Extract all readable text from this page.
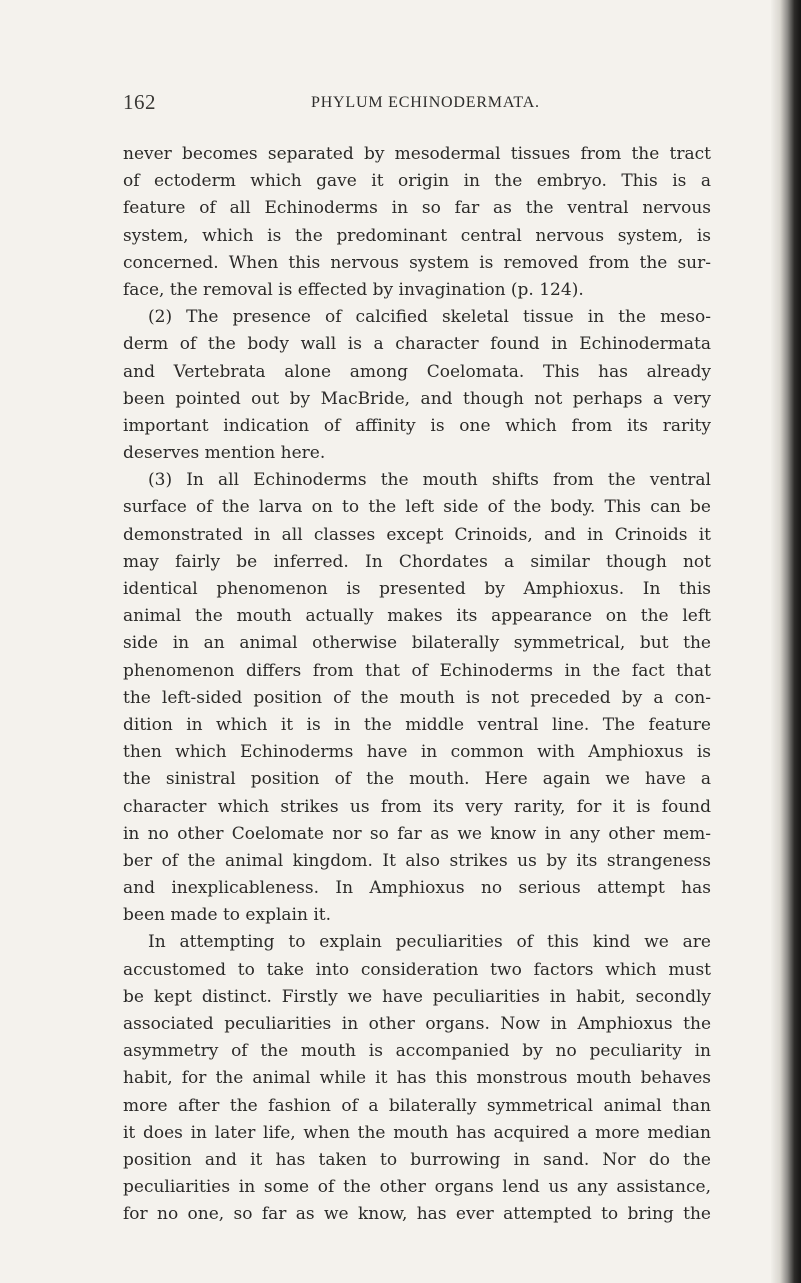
162	PHYLUM ECHINODERMATA.
never becomes separated by mesodermal tissues from the tract
of ectoderm which gave it origin in the embryo. This is a
feature of all Echinoderms in so far as the ventral nervous
system, which is the predominant central nervous system, is
concerned. When this nervous system is removed from the sur-
face, the removal is effected by invagination (p. 124).
(2) The presence of calcified skeletal tissue in the meso-
derm of the body wall is a character found in Echinodermata
and Vertebrata alone among Coelomata. This has already
been pointed out by MacBride, and though not perhaps a very
important indication of affinity is one which from its rarity
deserves mention here.
(3) In all Echinoderms the mouth shifts from the ventral
surface of the larva on to the left side of the body. This can be
demonstrated in all classes except Crinoids, and in Crinoids it
may fairly be inferred. In Chordates a similar though not
identical phenomenon is presented by Amphioxus. In this
animal the mouth actually makes its appearance on the left
side in an animal otherwise bilaterally symmetrical, but the
phenomenon differs from that of Echinoderms in the fact that
the left-sided position of the mouth is not preceded by a con-
dition in which it is in the middle ventral line. The feature
then which Echinoderms have in common with Amphioxus is
the sinistral position of the mouth. Here again we have a
character which strikes us from its very rarity, for it is found
in no other Coelomate nor so far as we know in any other mem-
ber of the animal kingdom. It also strikes us by its strangeness
and inexplicableness. In Amphioxus no serious attempt has
been made to explain it.
In attempting to explain peculiarities of this kind we are
accustomed to take into consideration two factors which must
be kept distinct. Firstly we have peculiarities in habit, secondly
associated peculiarities in other organs. Now in Amphioxus the
asymmetry of the mouth is accompanied by no peculiarity in
habit, for the animal while it has this monstrous mouth behaves
more after the fashion of a bilaterally symmetrical animal than
it does in later life, when the mouth has acquired a more median
position and it has taken to burrowing in sand. Nor do the
peculiarities in some of the other organs lend us any assistance,
for no one, so far as we know, has ever attempted to bring the
